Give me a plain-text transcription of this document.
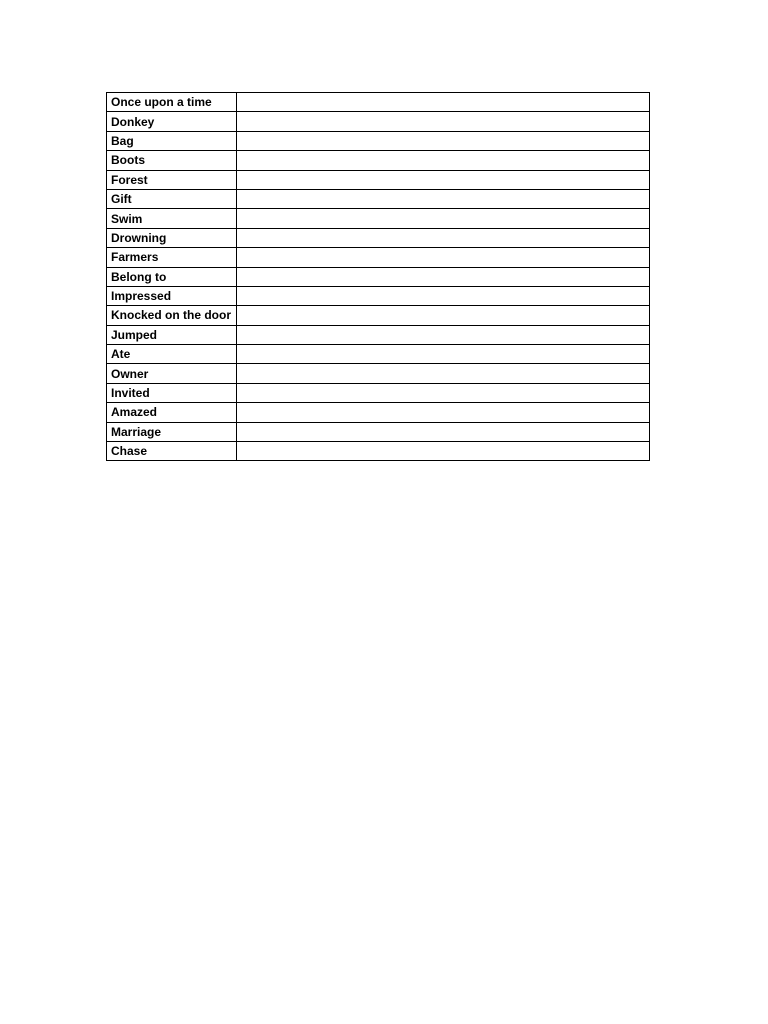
Once upon a time	
Donkey	
Bag	
Boots	
Forest	
Gift	
Swim	
Drowning	
Farmers	
Belong to	
Impressed	
Knocked on the door	
Jumped	
Ate	
Owner	
Invited	
Amazed	
Marriage	
Chase	
